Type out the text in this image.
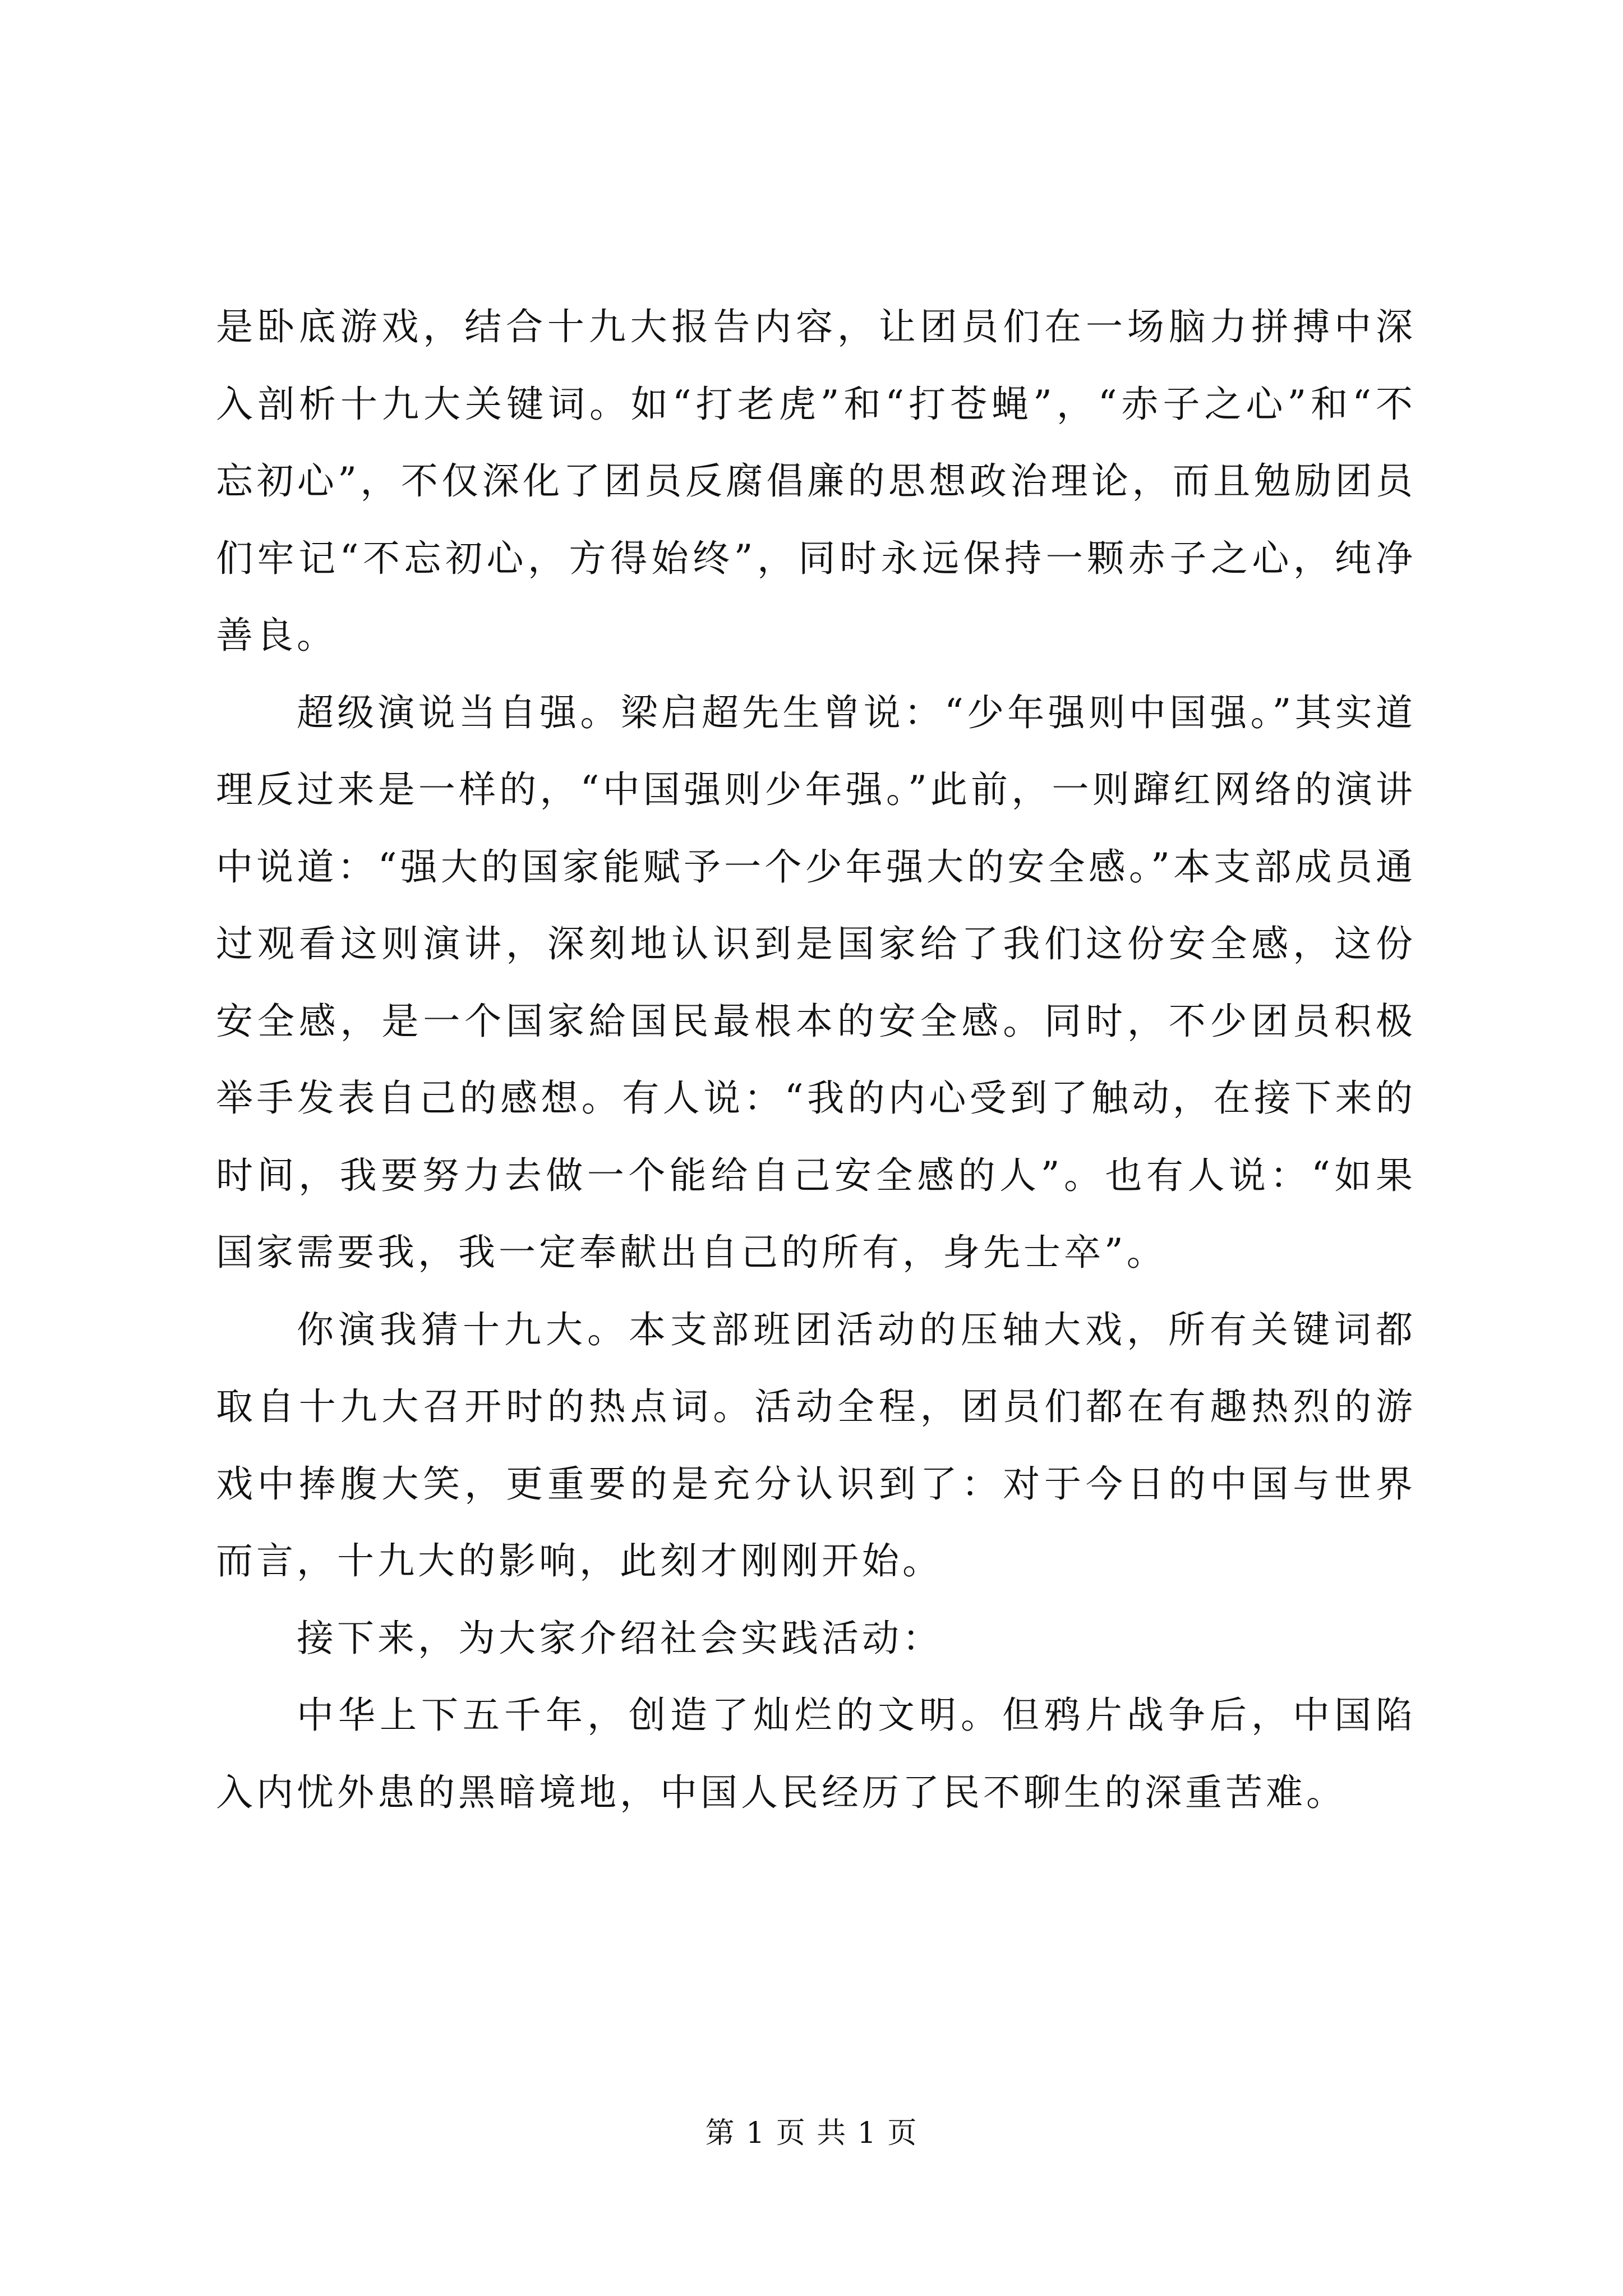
是卧底游戏，结合十九大报告内容，让团员们在一场脑力拼搏中深入剖析十九大关键词。如“打老虎”和“打苍蝇”，“赤子之心”和“不忘初心”，不仅深化了团员反腐倡廉的思想政治理论，而且勉励团员们牢记“不忘初心，方得始终”，同时永远保持一颗赤子之心，纯净善良。

超级演说当自强。梁启超先生曾说：“少年强则中国强。”其实道理反过来是一样的，“中国强则少年强。”此前，一则蹿红网络的演讲中说道：“强大的国家能赋予一个少年强大的安全感。”本支部成员通过观看这则演讲，深刻地认识到是国家给了我们这份安全感，这份安全感，是一个国家給国民最根本的安全感。同时，不少团员积极举手发表自己的感想。有人说：“我的内心受到了触动，在接下来的时间，我要努力去做一个能给自己安全感的人”。也有人说：“如果国家需要我，我一定奉献出自己的所有，身先士卒”。

你演我猜十九大。本支部班团活动的压轴大戏，所有关键词都取自十九大召开时的热点词。活动全程，团员们都在有趣热烈的游戏中捧腹大笑，更重要的是充分认识到了：对于今日的中国与世界而言，十九大的影响，此刻才刚刚开始。

接下来，为大家介绍社会实践活动：

中华上下五千年，创造了灿烂的文明。但鸦片战争后，中国陷入内忧外患的黑暗境地，中国人民经历了民不聊生的深重苦难。

第 1 页 共 1 页
